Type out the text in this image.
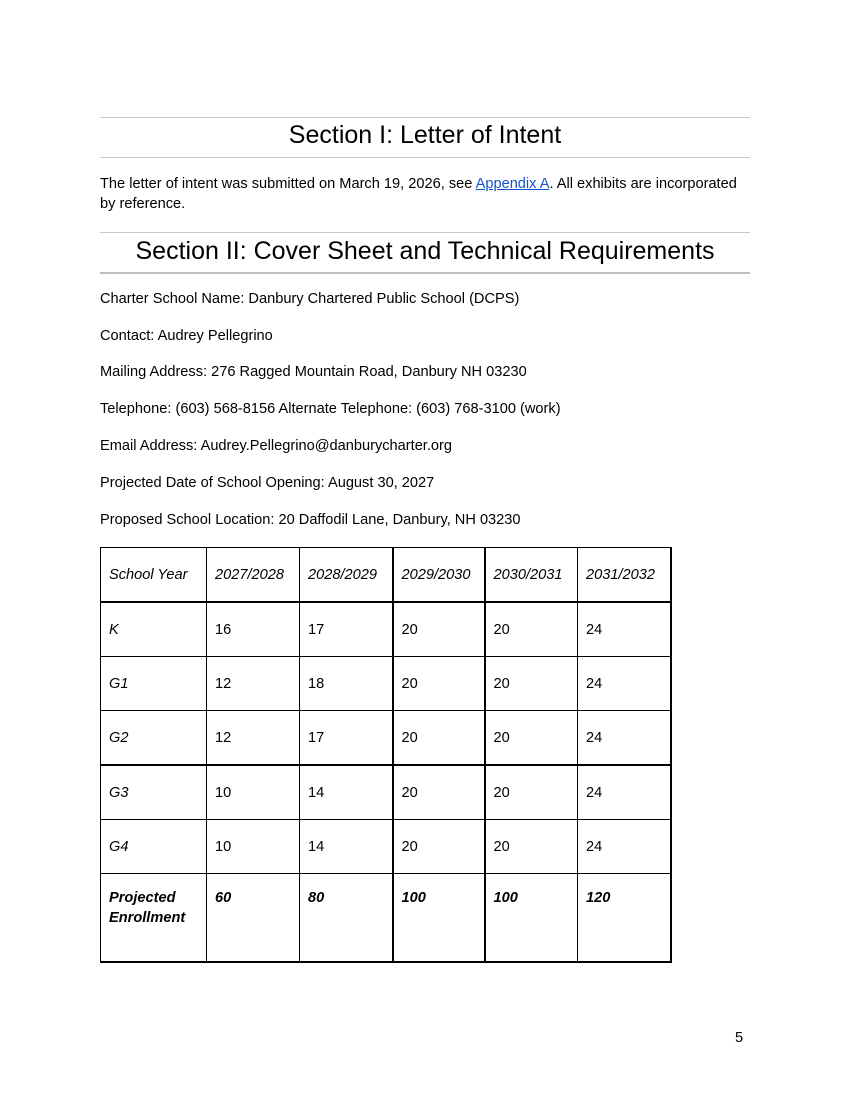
Section I: Letter of Intent

The letter of intent was submitted on March 19, 2026, see Appendix A. All exhibits are incorporated by reference.

Section II: Cover Sheet and Technical Requirements

Charter School Name: Danbury Chartered Public School (DCPS)

Contact: Audrey Pellegrino

Mailing Address: 276 Ragged Mountain Road, Danbury NH 03230

Telephone: (603) 568-8156 Alternate Telephone: (603) 768-3100 (work)

Email Address: Audrey.Pellegrino@danburycharter.org

Projected Date of School Opening: August 30, 2027

Proposed School Location: 20 Daffodil Lane, Danbury, NH 03230

School Year	2027/2028	2028/2029	2029/2030	2030/2031	2031/2032
K	16	17	20	20	24
G1	12	18	20	20	24
G2	12	17	20	20	24
G3	10	14	20	20	24
G4	10	14	20	20	24
Projected Enrollment	60	80	100	100	120
5
